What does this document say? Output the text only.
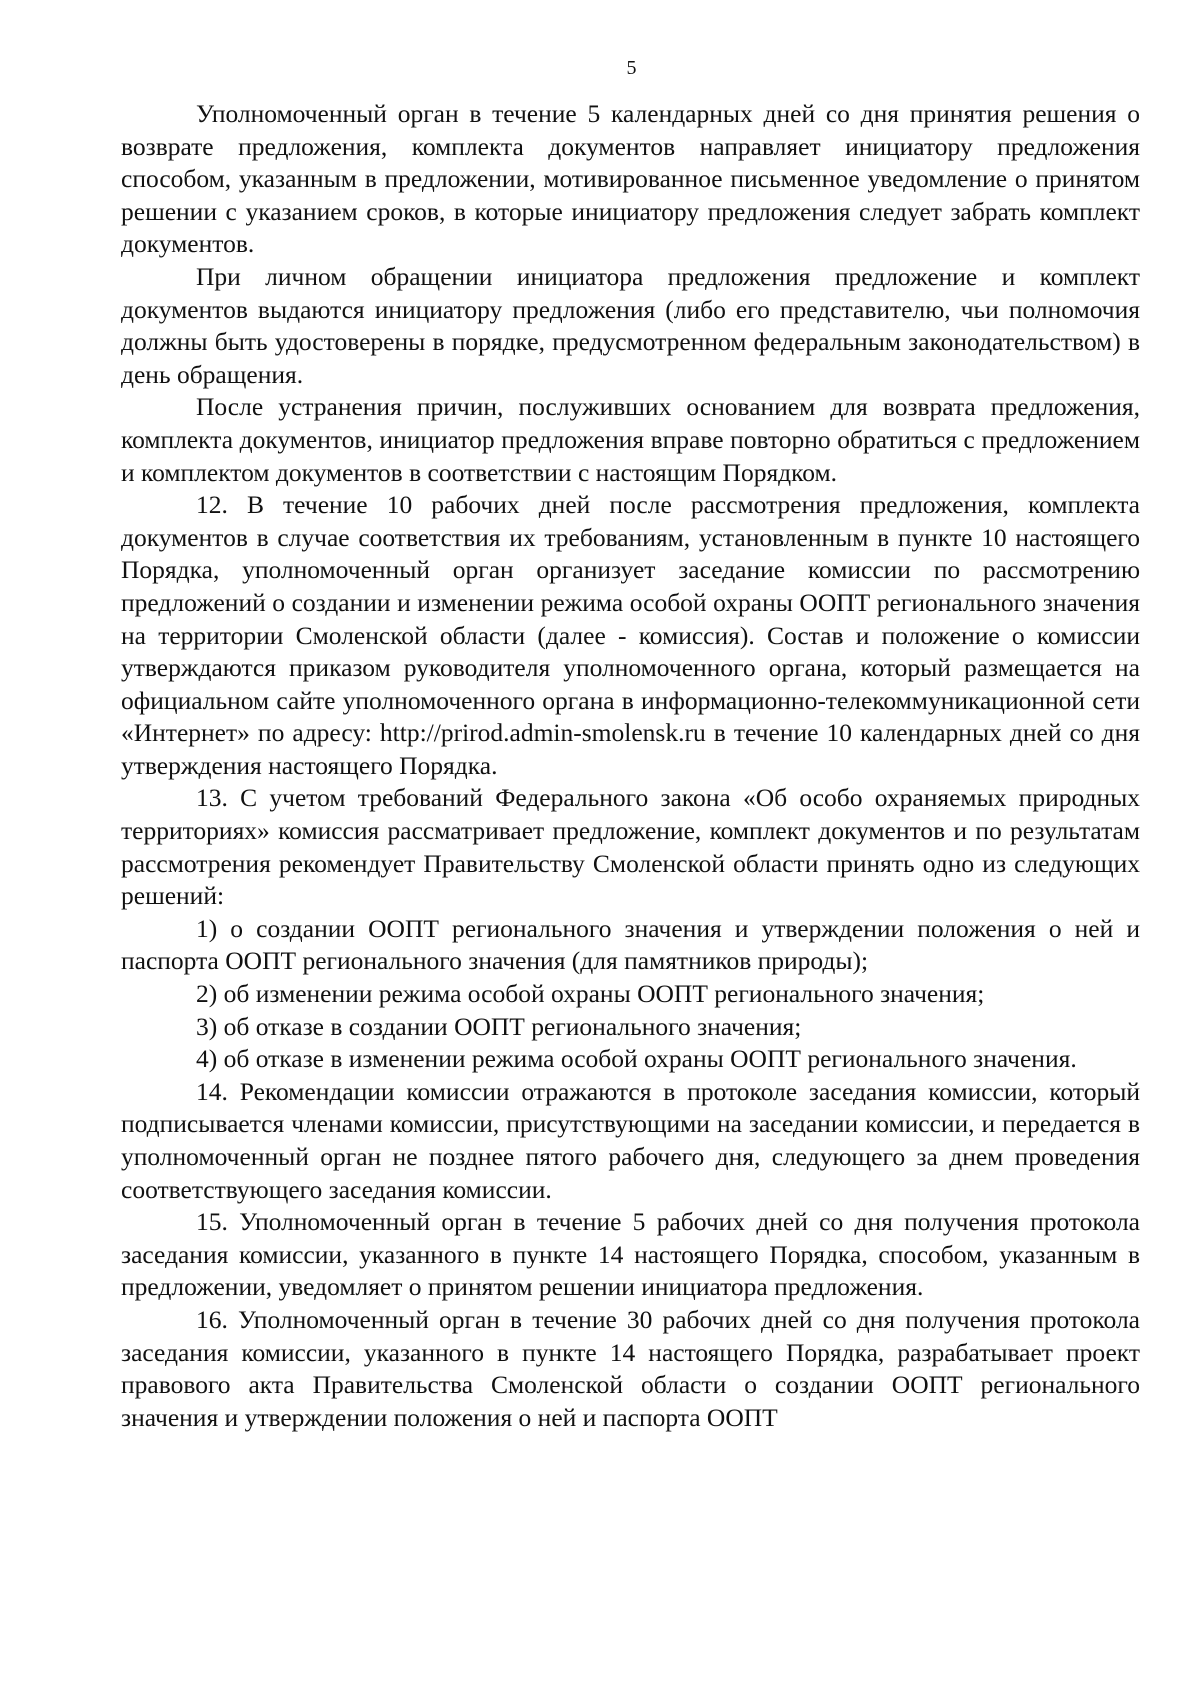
5

Уполномоченный орган в течение 5 календарных дней со дня принятия решения о возврате предложения, комплекта документов направляет инициатору предложения способом, указанным в предложении, мотивированное письменное уведомление о принятом решении с указанием сроков, в которые инициатору предложения следует забрать комплект документов.

При личном обращении инициатора предложения предложение и комплект документов выдаются инициатору предложения (либо его представителю, чьи полномочия должны быть удостоверены в порядке, предусмотренном федеральным законодательством) в день обращения.

После устранения причин, послуживших основанием для возврата предложения, комплекта документов, инициатор предложения вправе повторно обратиться с предложением и комплектом документов в соответствии с настоящим Порядком.

12. В течение 10 рабочих дней после рассмотрения предложения, комплекта документов в случае соответствия их требованиям, установленным в пункте 10 настоящего Порядка, уполномоченный орган организует заседание комиссии по рассмотрению предложений о создании и изменении режима особой охраны ООПТ регионального значения на территории Смоленской области (далее - комиссия). Состав и положение о комиссии утверждаются приказом руководителя уполномоченного органа, который размещается на официальном сайте уполномоченного органа в информационно-телекоммуникационной сети «Интернет» по адресу: http://prirod.admin-smolensk.ru в течение 10 календарных дней со дня утверждения настоящего Порядка.

13. С учетом требований Федерального закона «Об особо охраняемых природных территориях» комиссия рассматривает предложение, комплект документов и по результатам рассмотрения рекомендует Правительству Смоленской области принять одно из следующих решений:

1) о создании ООПТ регионального значения и утверждении положения о ней и паспорта ООПТ регионального значения (для памятников природы);

2) об изменении режима особой охраны ООПТ регионального значения;

3) об отказе в создании ООПТ регионального значения;

4) об отказе в изменении режима особой охраны ООПТ регионального значения.

14. Рекомендации комиссии отражаются в протоколе заседания комиссии, который подписывается членами комиссии, присутствующими на заседании комиссии, и передается в уполномоченный орган не позднее пятого рабочего дня, следующего за днем проведения соответствующего заседания комиссии.

15. Уполномоченный орган в течение 5 рабочих дней со дня получения протокола заседания комиссии, указанного в пункте 14 настоящего Порядка, способом, указанным в предложении, уведомляет о принятом решении инициатора предложения.

16. Уполномоченный орган в течение 30 рабочих дней со дня получения протокола заседания комиссии, указанного в пункте 14 настоящего Порядка, разрабатывает проект правового акта Правительства Смоленской области о создании ООПТ регионального значения и утверждении положения о ней и паспорта ООПТ
